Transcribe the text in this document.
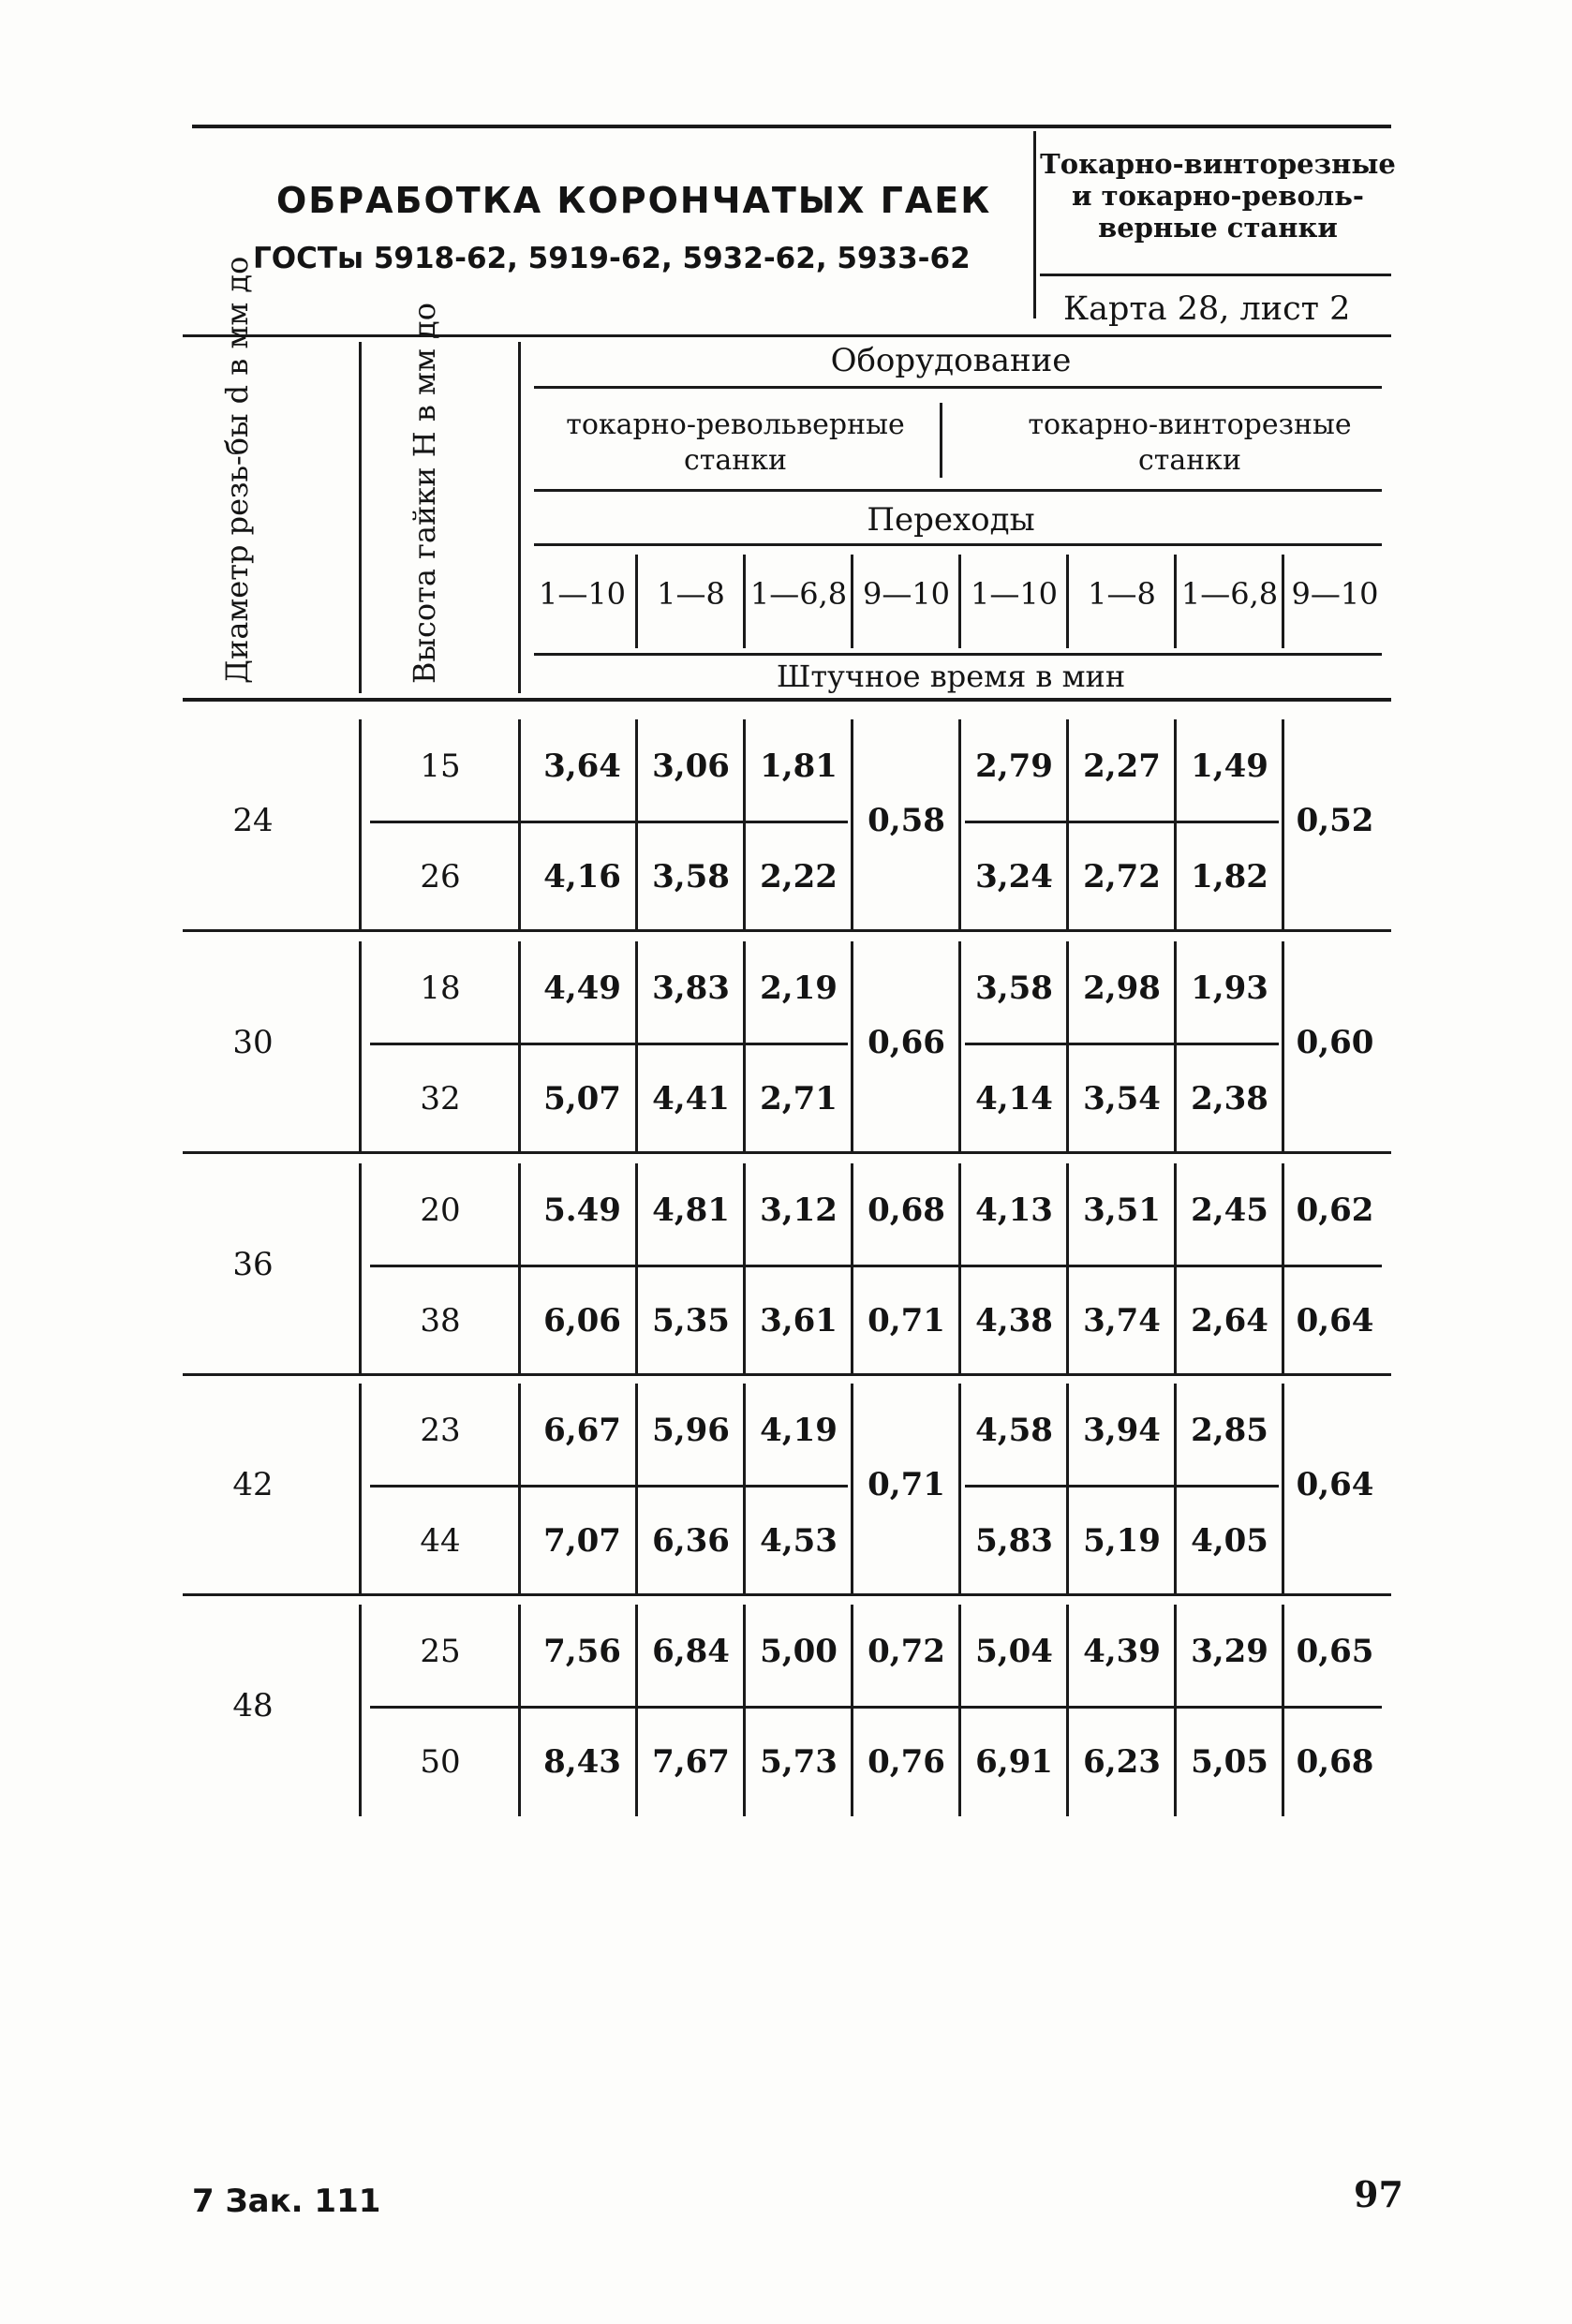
ОБРАБОТКА КОРОНЧАТЫХ ГАЕК
ГОСТы 5918-62, 5919-62, 5932-62, 5933-62
Токарно-винторезные
и токарно-револь-
верные станки
Карта 28, лист 2
Диаметр резь-бы d в мм до	Высота гайки H в мм до	Оборудование
токарно-револьверные станки
токарно-винторезные станки
Переходы
1—10	1—8 1—6,8 9—10 1—10	1—8 1—6,8 9—10
Штучное время в мин
24
15	3,64 3,06 1,81	2,79 2,27 1,49
26	4,16 3,58 2,22	3,24 2,72 1,82
0,58	0,52
30
18	4,49 3,83 2,19	3,58 2,98 1,93
32	5,07 4,41 2,71	4,14 3,54 2,38
0,66	0,60
36
20	5.49 4,81 3,12 0,68 4,13 3,51 2,45 0,62
38	6,06 5,35 3,61 0,71 4,38 3,74 2,64 0,64
42
23	6,67 5,96 4,19	4,58 3,94 2,85
44	7,07 6,36 4,53	5,83 5,19 4,05
0,71	0,64
48
25	7,56 6,84 5,00 0,72 5,04 4,39 3,29 0,65
50	8,43 7,67 5,73 0,76 6,91 6,23 5,05 0,68
7 Зак. 111	97
